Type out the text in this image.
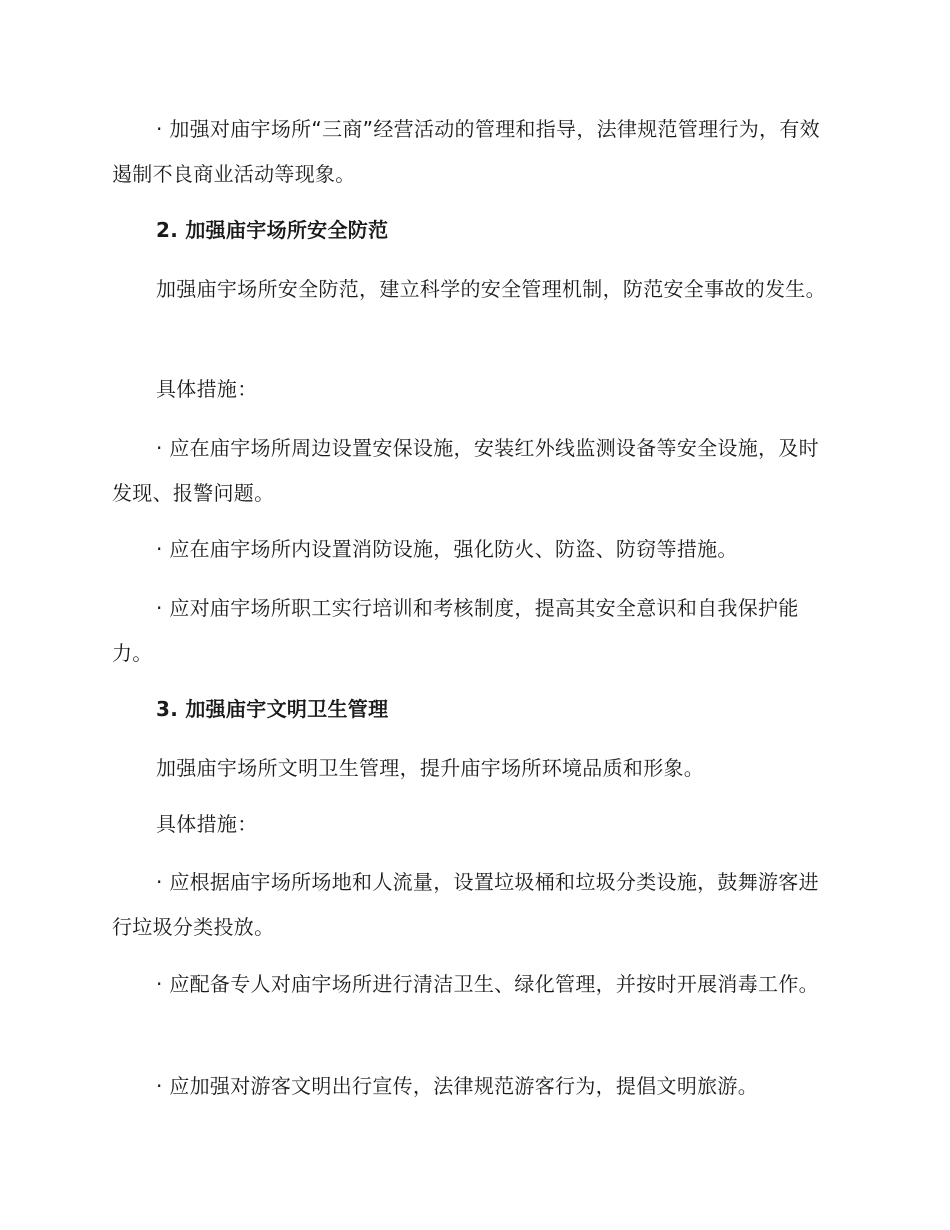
· 加强对庙宇场所“三商”经营活动的管理和指导，法律规范管理行为，有效遏制不良商业活动等现象。

2. 加强庙宇场所安全防范

加强庙宇场所安全防范，建立科学的安全管理机制，防范安全事故的发生。

具体措施：

· 应在庙宇场所周边设置安保设施，安装红外线监测设备等安全设施，及时发现、报警问题。

· 应在庙宇场所内设置消防设施，强化防火、防盗、防窃等措施。

· 应对庙宇场所职工实行培训和考核制度，提高其安全意识和自我保护能力。

3. 加强庙宇文明卫生管理

加强庙宇场所文明卫生管理，提升庙宇场所环境品质和形象。

具体措施：

· 应根据庙宇场所场地和人流量，设置垃圾桶和垃圾分类设施，鼓舞游客进行垃圾分类投放。

· 应配备专人对庙宇场所进行清洁卫生、绿化管理，并按时开展消毒工作。

· 应加强对游客文明出行宣传，法律规范游客行为，提倡文明旅游。
